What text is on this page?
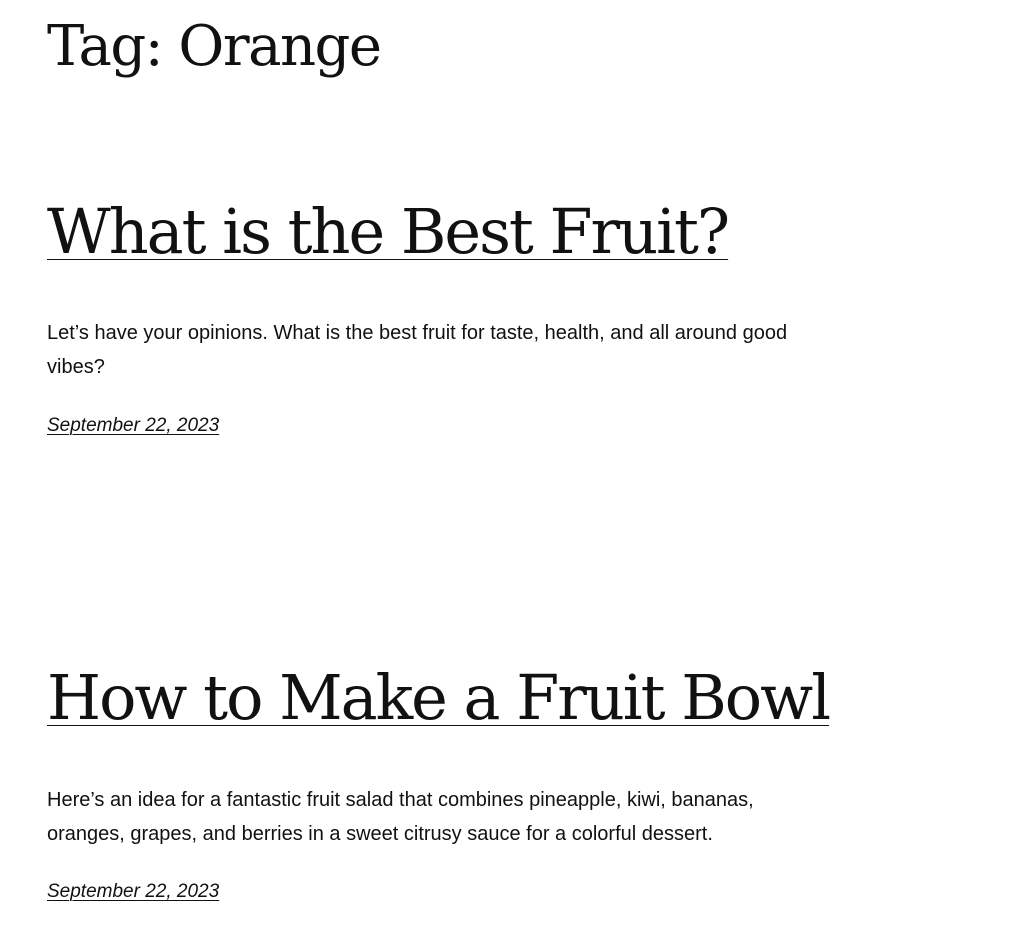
Tag: Orange
What is the Best Fruit?

Let’s have your opinions. What is the best fruit for taste, health, and all around good vibes?

September 22, 2023
How to Make a Fruit Bowl

Here’s an idea for a fantastic fruit salad that combines pineapple, kiwi, bananas, oranges, grapes, and berries in a sweet citrusy sauce for a colorful dessert.

September 22, 2023
